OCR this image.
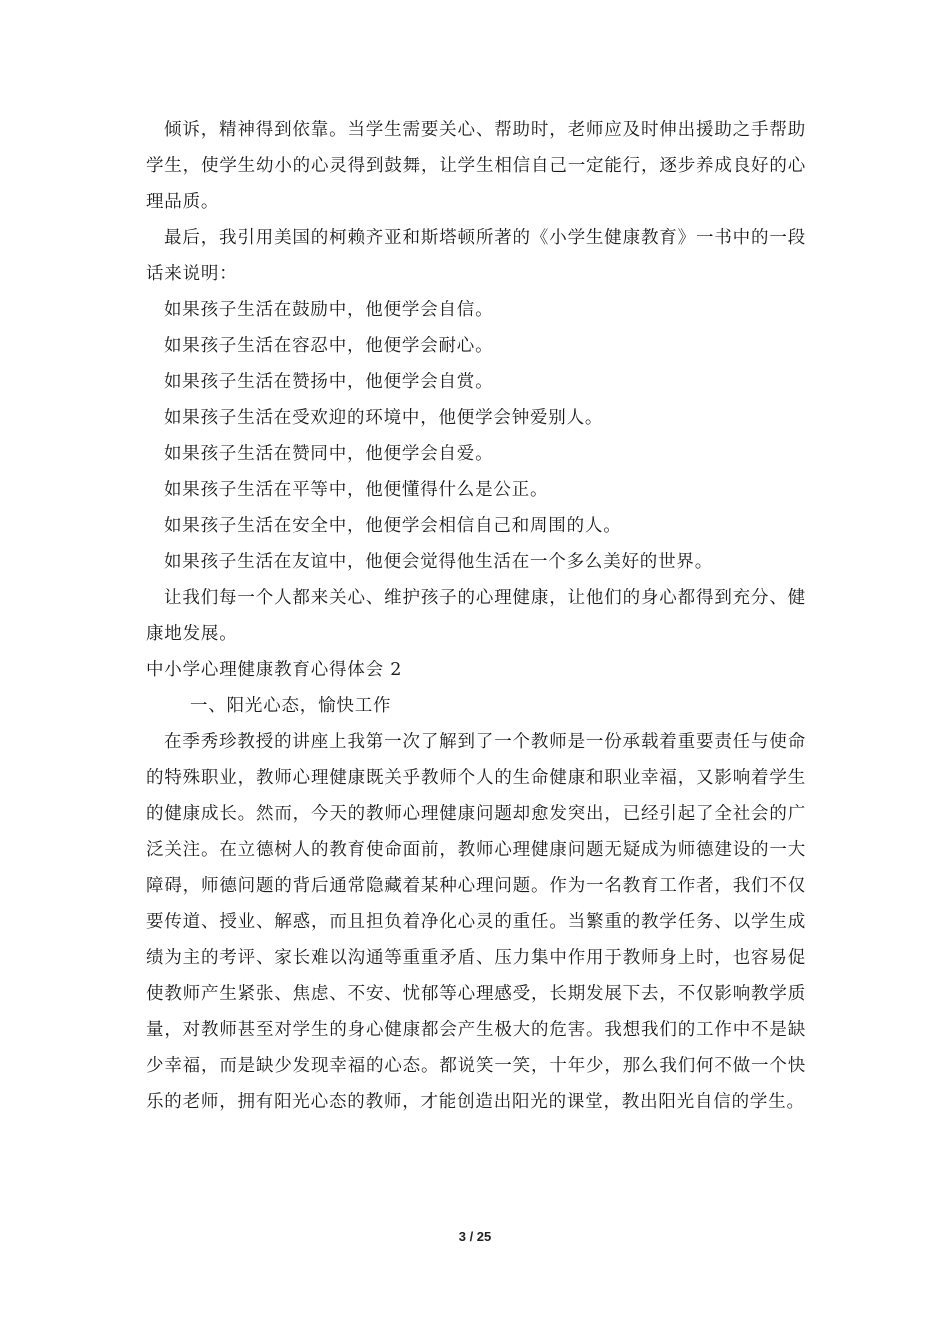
倾诉，精神得到依靠。当学生需要关心、帮助时，老师应及时伸出援助之手帮助学生，使学生幼小的心灵得到鼓舞，让学生相信自己一定能行，逐步养成良好的心理品质。

最后，我引用美国的柯赖齐亚和斯塔顿所著的《小学生健康教育》一书中的一段话来说明：

如果孩子生活在鼓励中，他便学会自信。

如果孩子生活在容忍中，他便学会耐心。

如果孩子生活在赞扬中，他便学会自赏。

如果孩子生活在受欢迎的环境中，他便学会钟爱别人。

如果孩子生活在赞同中，他便学会自爱。

如果孩子生活在平等中，他便懂得什么是公正。

如果孩子生活在安全中，他便学会相信自己和周围的人。

如果孩子生活在友谊中，他便会觉得他生活在一个多么美好的世界。

让我们每一个人都来关心、维护孩子的心理健康，让他们的身心都得到充分、健康地发展。

中小学心理健康教育心得体会 2

一、阳光心态，愉快工作

在季秀珍教授的讲座上我第一次了解到了一个教师是一份承载着重要责任与使命的特殊职业，教师心理健康既关乎教师个人的生命健康和职业幸福，又影响着学生的健康成长。然而，今天的教师心理健康问题却愈发突出，已经引起了全社会的广泛关注。在立德树人的教育使命面前，教师心理健康问题无疑成为师德建设的一大障碍，师德问题的背后通常隐藏着某种心理问题。作为一名教育工作者，我们不仅要传道、授业、解惑，而且担负着净化心灵的重任。当繁重的教学任务、以学生成绩为主的考评、家长难以沟通等重重矛盾、压力集中作用于教师身上时，也容易促使教师产生紧张、焦虑、不安、忧郁等心理感受，长期发展下去，不仅影响教学质量，对教师甚至对学生的身心健康都会产生极大的危害。我想我们的工作中不是缺少幸福，而是缺少发现幸福的心态。都说笑一笑，十年少，那么我们何不做一个快乐的老师，拥有阳光心态的教师，才能创造出阳光的课堂，教出阳光自信的学生。

3 / 25
